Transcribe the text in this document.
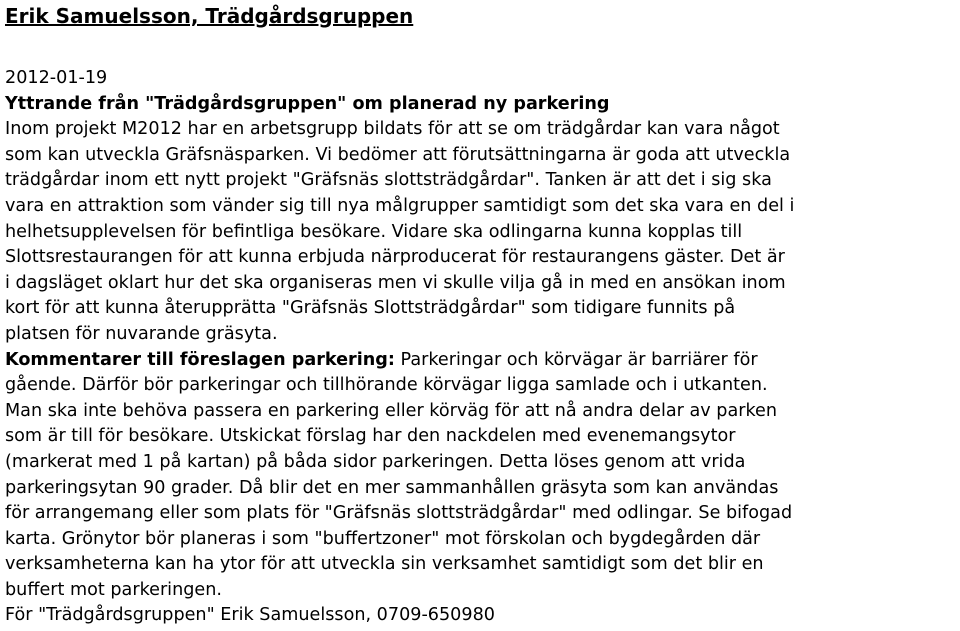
Erik Samuelsson, Trädgårdsgruppen
2012-01-19
Yttrande från "Trädgårdsgruppen" om planerad ny parkering
Inom projekt M2012 har en arbetsgrupp bildats för att se om trädgårdar kan vara något
som kan utveckla Gräfsnäsparken. Vi bedömer att förutsättningarna är goda att utveckla
trädgårdar inom ett nytt projekt "Gräfsnäs slottsträdgårdar". Tanken är att det i sig ska
vara en attraktion som vänder sig till nya målgrupper samtidigt som det ska vara en del i
helhetsupplevelsen för befintliga besökare. Vidare ska odlingarna kunna kopplas till
Slottsrestaurangen för att kunna erbjuda närproducerat för restaurangens gäster. Det är
i dagsläget oklart hur det ska organiseras men vi skulle vilja gå in med en ansökan inom
kort för att kunna återupprätta "Gräfsnäs Slottsträdgårdar" som tidigare funnits på
platsen för nuvarande gräsyta.
Kommentarer till föreslagen parkering: Parkeringar och körvägar är barriärer för
gående. Därför bör parkeringar och tillhörande körvägar ligga samlade och i utkanten.
Man ska inte behöva passera en parkering eller körväg för att nå andra delar av parken
som är till för besökare. Utskickat förslag har den nackdelen med evenemangsytor
(markerat med 1 på kartan) på båda sidor parkeringen. Detta löses genom att vrida
parkeringsytan 90 grader. Då blir det en mer sammanhållen gräsyta som kan användas
för arrangemang eller som plats för "Gräfsnäs slottsträdgårdar" med odlingar. Se bifogad
karta. Grönytor bör planeras i som "buffertzoner" mot förskolan och bygdegården där
verksamheterna kan ha ytor för att utveckla sin verksamhet samtidigt som det blir en
buffert mot parkeringen.
För "Trädgårdsgruppen" Erik Samuelsson, 0709-650980
